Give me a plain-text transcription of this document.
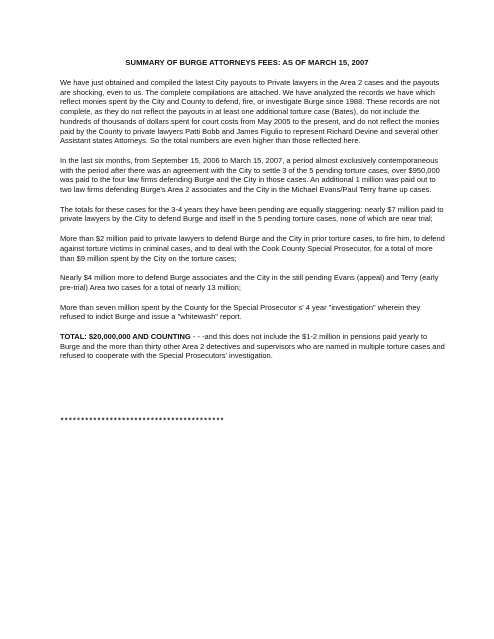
SUMMARY OF BURGE ATTORNEYS FEES: AS OF MARCH 15, 2007

We have just obtained and compiled the latest City payouts to Private lawyers in the Area 2 cases and the payouts are shocking, even to us. The complete compilations are attached. We have analyzed the records we have which reflect monies spent by the City and County to defend, fire, or investigate Burge since 1988. These records are not complete, as they do not reflect the payouts in at least one additional torture case (Bates), do not include the hundreds of thousands of dollars spent for court costs from May 2005 to the present, and do not reflect the monies paid by the County to private lawyers Patti Bobb and James Figulio to represent Richard Devine and several other Assistant states Attorneys. So the total numbers are even higher than those reflected here.

In the last six months, from September 15, 2006 to March 15, 2007, a period almost exclusively contemporaneous with the period after there was an agreement with the City to settle 3 of the 5 pending torture cases, over $950,000 was paid to the four law firms defending Burge and the City in those cases. An additional 1 million was paid out to two law firms defending Burge's Area 2 associates and the City in the Michael Evans/Paul Terry frame up cases.

The totals for these cases for the 3-4 years they have been pending are equally staggering: nearly $7 million paid to private lawyers by the City to defend Burge and itself in the 5 pending torture cases, none of which are near trial;

More than $2 million paid to private lawyers to defend Burge and the City in prior torture cases, to fire him, to defend against torture victims in criminal cases, and to deal with the Cook County Special Prosecutor, for a total of more than $9 million spent by the City on the torture cases;

Nearly $4 million more to defend Burge associates and the City in the still pending Evans (appeal) and Terry (early pre-trial) Area two cases for a total of nearly 13 million;

More than seven million spent by the County for the Special Prosecutor s' 4 year "investigation" wherein they refused to indict Burge and issue a "whitewash" report.

TOTAL: $20,000,000 AND COUNTING - - -and this does not include the $1-2 million in pensions paid yearly to Burge and the more than thirty other Area 2 detectives and supervisors who are named in multiple torture cases and refused to cooperate with the Special Prosecutors' investigation.

****************************************
